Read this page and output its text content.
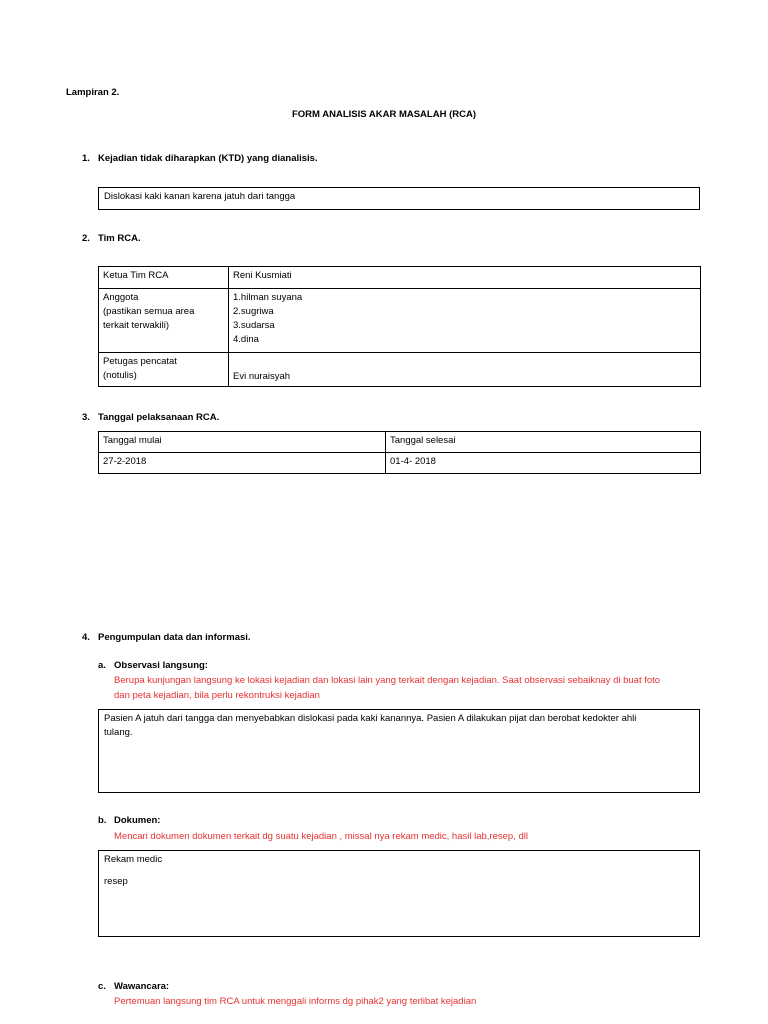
Lampiran 2.
FORM ANALISIS AKAR MASALAH (RCA)
1. Kejadian tidak diharapkan (KTD) yang dianalisis.
Dislokasi kaki kanan karena jatuh dari tangga
2. Tim RCA.
Ketua Tim RCA	Reni Kusmiati

Anggota
(pastikan semua area
terkait terwakili)	1.hilman suyana
2.sugriwa
3.sudarsa
4.dina

Petugas pencatat
(notulis)	Evi nuraisyah
3. Tanggal pelaksanaan RCA.
Tanggal mulai	Tanggal selesai
27-2-2018	01-4- 2018
4. Pengumpulan data dan informasi.
a. Observasi langsung:
Berupa kunjungan langsung ke lokasi kejadian dan lokasi lain yang terkait dengan kejadian. Saat observasi sebaiknay di buat foto
dan peta kejadian, bila perlu rekontruksi kejadian
Pasien A jatuh dari tangga dan menyebabkan dislokasi pada kaki kanannya. Pasien A dilakukan pijat dan berobat kedokter ahli
tulang.
b. Dokumen:
Mencari dokumen dokumen terkait dg suatu kejadian , missal nya rekam medic, hasil lab,resep, dll
Rekam medic
resep
c. Wawancara:
Pertemuan langsung tim RCA untuk menggali informs dg pihak2 yang terlibat kejadian
